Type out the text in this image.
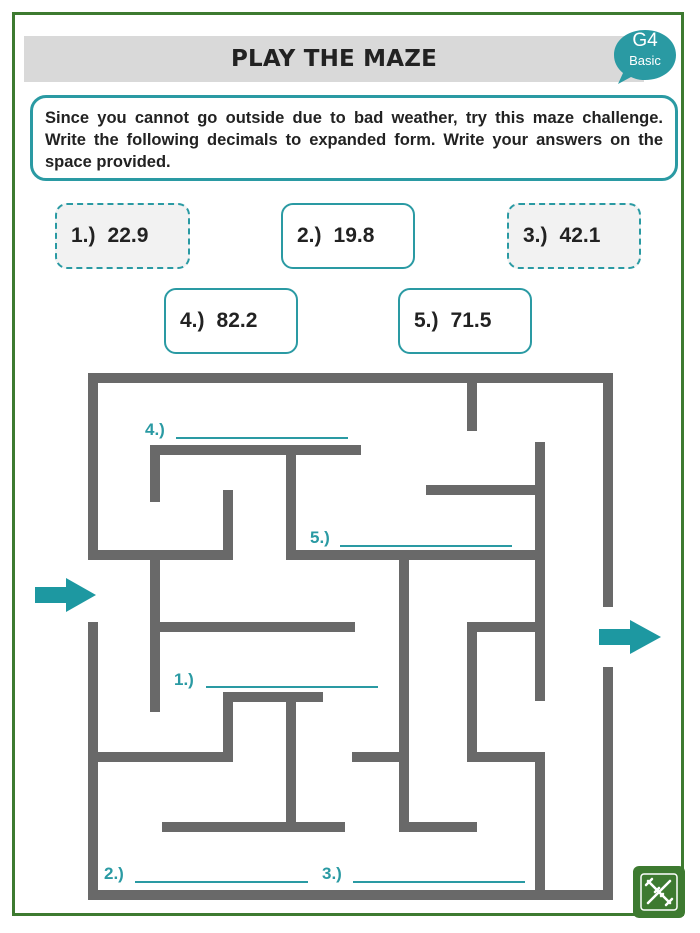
PLAY THE MAZE
G4
Basic
Since you cannot go outside due to bad weather, try this maze challenge. Write the following decimals to expanded form. Write your answers on the space provided.
1.) 22.9	2.) 19.8	3.) 42.1
4.) 82.2	5.) 71.5
4.)
5.)
1.)
2.)	3.)
